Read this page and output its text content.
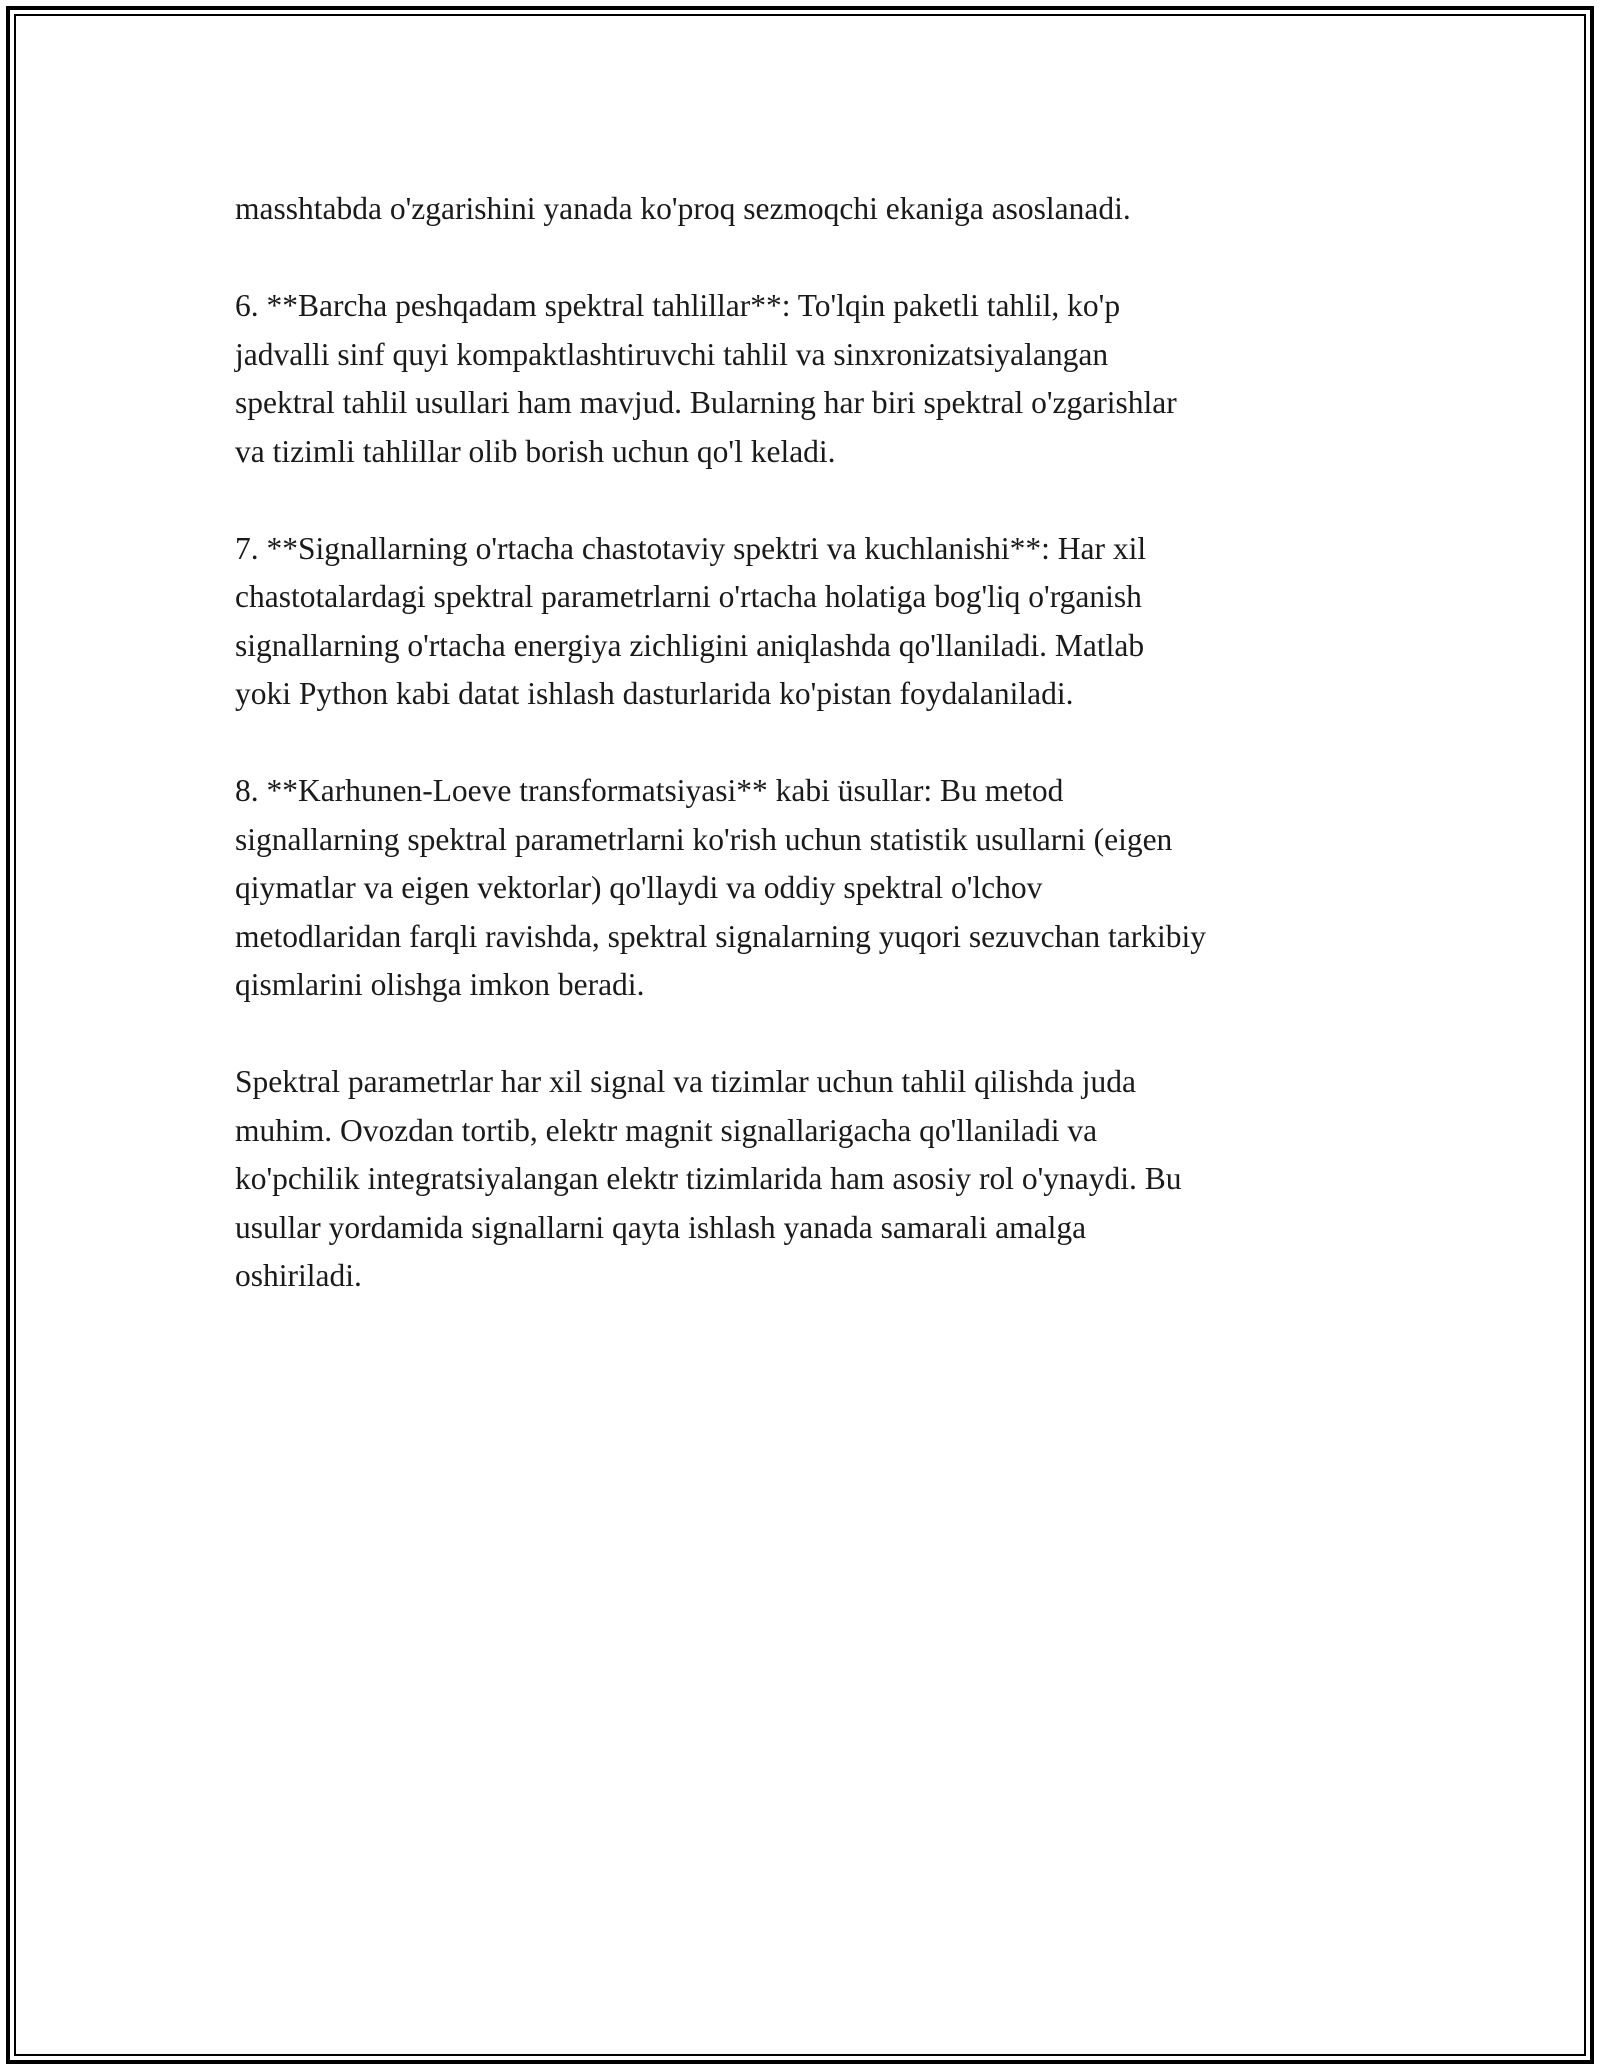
masshtabda o'zgarishini yanada ko'proq sezmoqchi ekaniga asoslanadi.

6. **Barcha peshqadam spektral tahlillar**: To'lqin paketli tahlil, ko'p
jadvalli sinf quyi kompaktlashtiruvchi tahlil va sinxronizatsiyalangan
spektral tahlil usullari ham mavjud. Bularning har biri spektral o'zgarishlar
va tizimli tahlillar olib borish uchun qo'l keladi.

7. **Signallarning o'rtacha chastotaviy spektri va kuchlanishi**: Har xil
chastotalardagi spektral parametrlarni o'rtacha holatiga bog'liq o'rganish
signallarning o'rtacha energiya zichligini aniqlashda qo'llaniladi. Matlab
yoki Python kabi datat ishlash dasturlarida ko'pistan foydalaniladi.

8. **Karhunen-Loeve transformatsiyasi** kabi üsullar: Bu metod
signallarning spektral parametrlarni ko'rish uchun statistik usullarni (eigen
qiymatlar va eigen vektorlar) qo'llaydi va oddiy spektral o'lchov
metodlaridan farqli ravishda, spektral signalarning yuqori sezuvchan tarkibiy
qismlarini olishga imkon beradi.

Spektral parametrlar har xil signal va tizimlar uchun tahlil qilishda juda
muhim. Ovozdan tortib, elektr magnit signallarigacha qo'llaniladi va
ko'pchilik integratsiyalangan elektr tizimlarida ham asosiy rol o'ynaydi. Bu
usullar yordamida signallarni qayta ishlash yanada samarali amalga
oshiriladi.
